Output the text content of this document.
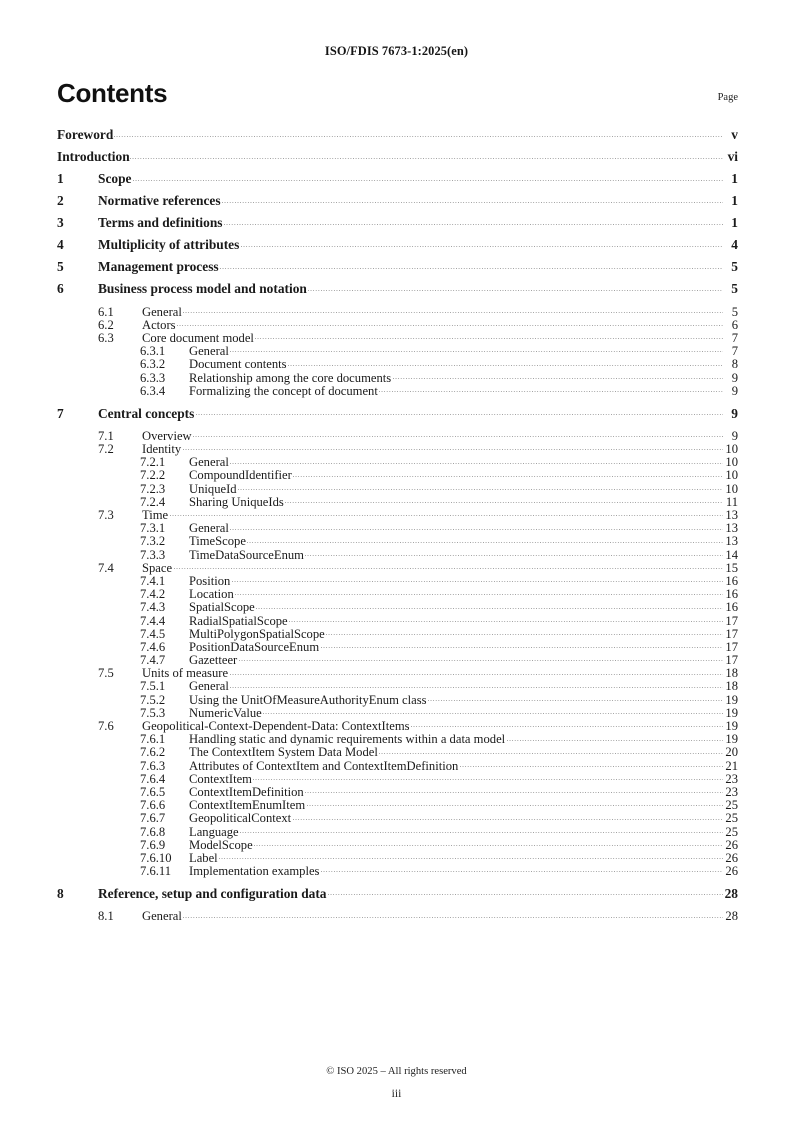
ISO/FDIS 7673-1:2025(en)
Contents	Page
Foreword	v
Introduction	vi
1	Scope	1
2	Normative references	1
3	Terms and definitions	1
4	Multiplicity of attributes	4
5	Management process	5
6	Business process model and notation	5
6.1	General	5
6.2	Actors	6
6.3	Core document model	7
6.3.1	General	7
6.3.2	Document contents	8
6.3.3	Relationship among the core documents	9
6.3.4	Formalizing the concept of document	9
7	Central concepts	9
7.1	Overview	9
7.2	Identity	10
7.2.1	General	10
7.2.2	CompoundIdentifier	10
7.2.3	UniqueId	10
7.2.4	Sharing UniqueIds	11
7.3	Time	13
7.3.1	General	13
7.3.2	TimeScope	13
7.3.3	TimeDataSourceEnum	14
7.4	Space	15
7.4.1	Position	16
7.4.2	Location	16
7.4.3	SpatialScope	16
7.4.4	RadialSpatialScope	17
7.4.5	MultiPolygonSpatialScope	17
7.4.6	PositionDataSourceEnum	17
7.4.7	Gazetteer	17
7.5	Units of measure	18
7.5.1	General	18
7.5.2	Using the UnitOfMeasureAuthorityEnum class	19
7.5.3	NumericValue	19
7.6	Geopolitical-Context-Dependent-Data: ContextItems	19
7.6.1	Handling static and dynamic requirements within a data model	19
7.6.2	The ContextItem System Data Model	20
7.6.3	Attributes of ContextItem and ContextItemDefinition	21
7.6.4	ContextItem	23
7.6.5	ContextItemDefinition	23
7.6.6	ContextItemEnumItem	25
7.6.7	GeopoliticalContext	25
7.6.8	Language	25
7.6.9	ModelScope	26
7.6.10	Label	26
7.6.11	Implementation examples	26
8	Reference, setup and configuration data	28
8.1	General	28
© ISO 2025 – All rights reserved
iii
